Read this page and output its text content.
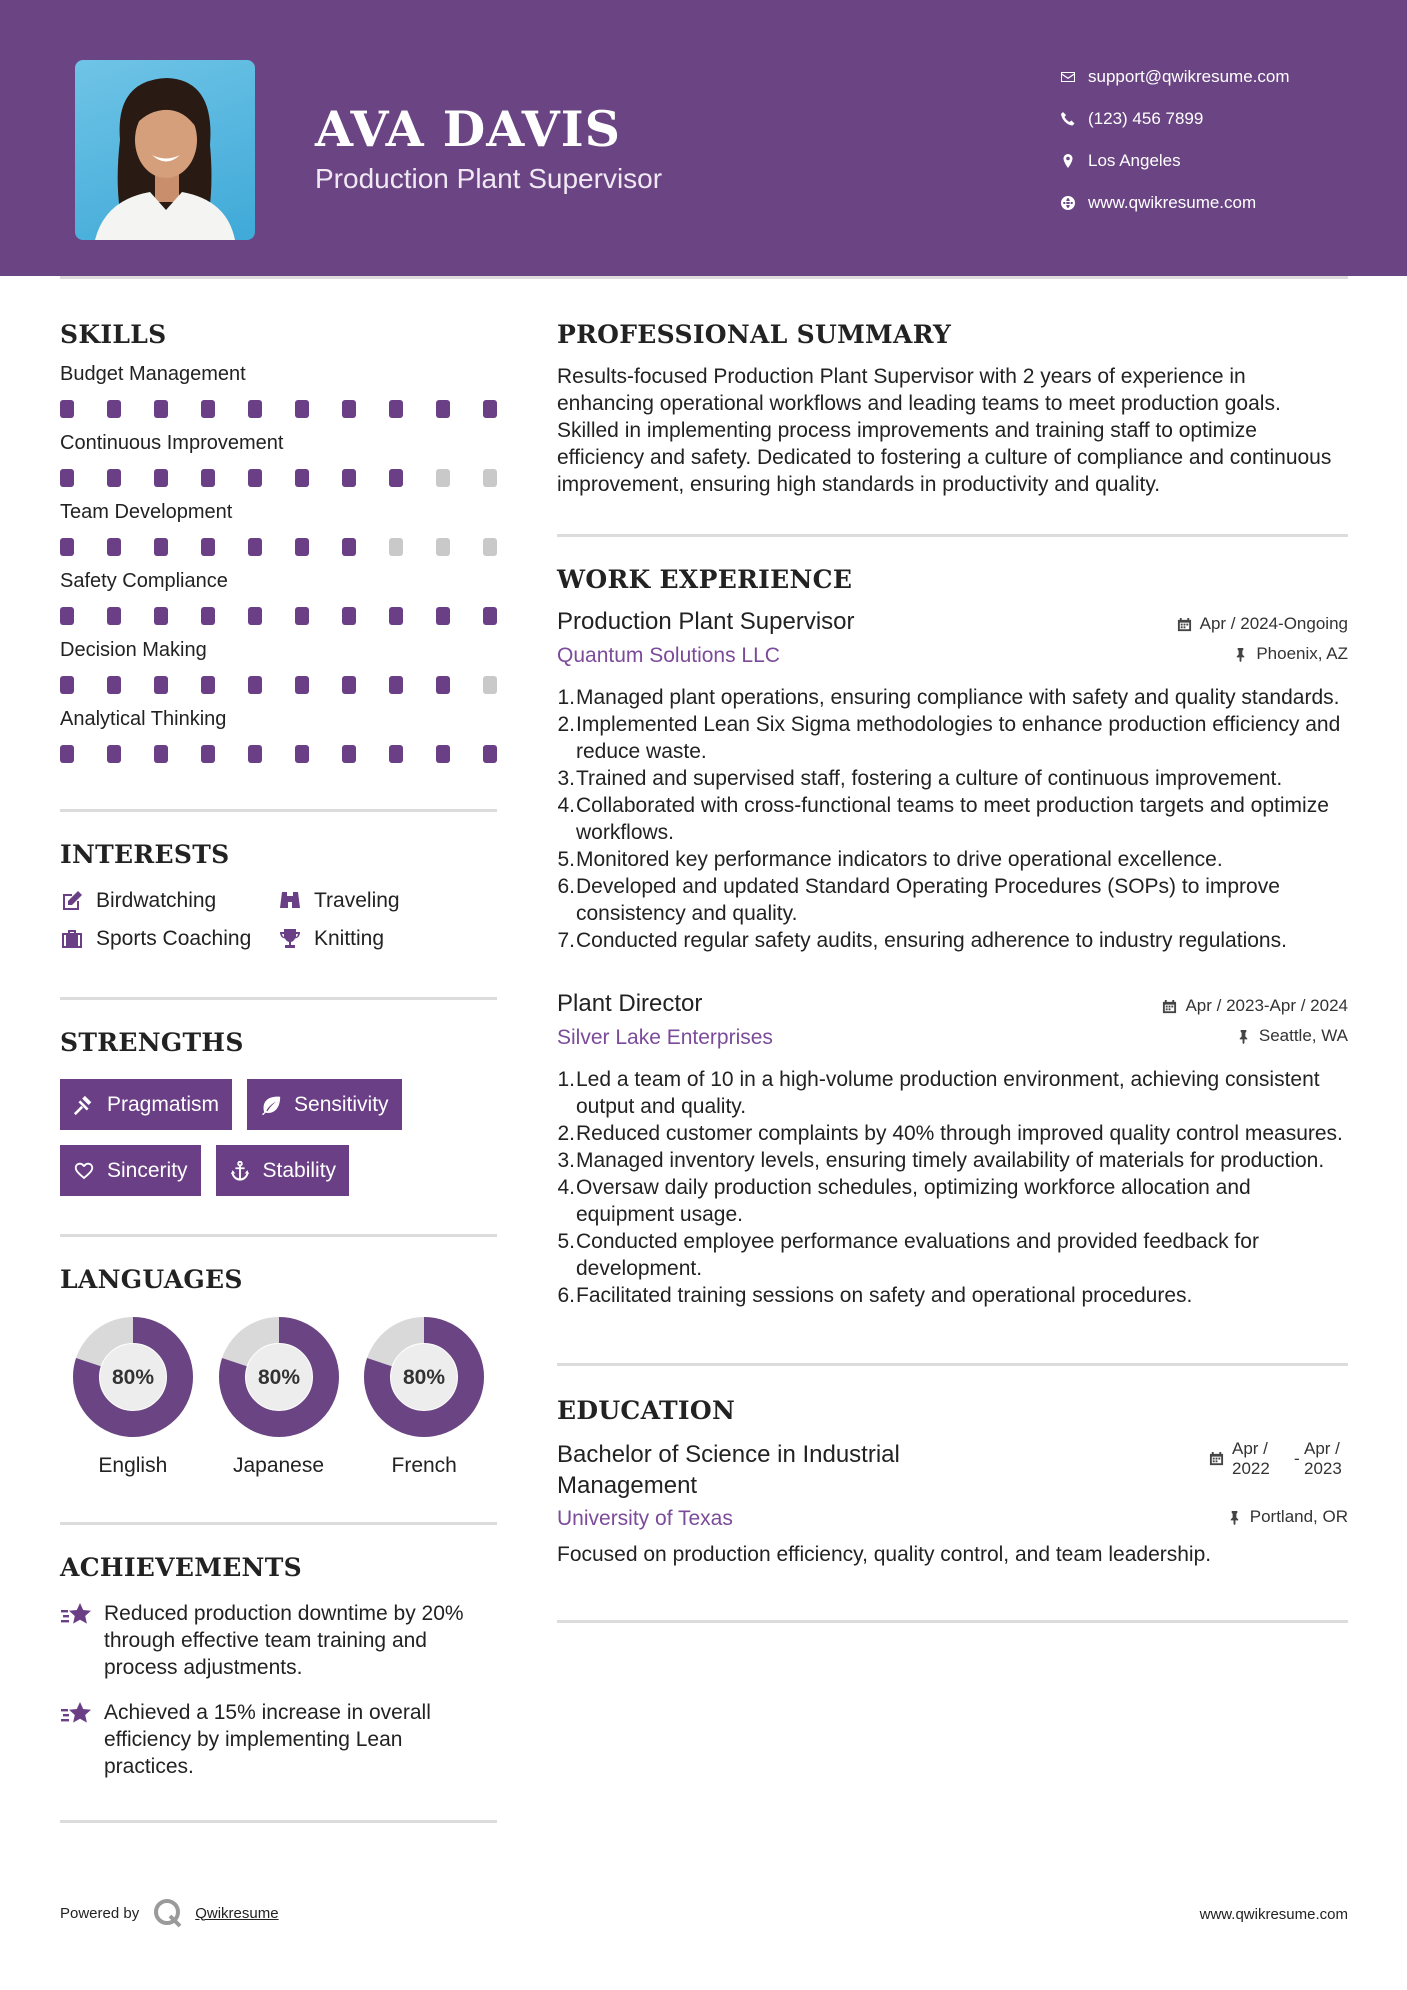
AVA DAVIS
Production Plant Supervisor
support@qwikresume.com
(123) 456 7899
Los Angeles
www.qwikresume.com
SKILLS
Budget Management
Continuous Improvement
Team Development
Safety Compliance
Decision Making
Analytical Thinking
INTERESTS
Birdwatching	Traveling
Sports Coaching	Knitting
STRENGTHS
Pragmatism	Sensitivity
Sincerity	Stability
LANGUAGES
80%
English
80%
Japanese
80%
French
ACHIEVEMENTS
Reduced production downtime by 20% through effective team training and process adjustments.
Achieved a 15% increase in overall efficiency by implementing Lean practices.
PROFESSIONAL SUMMARY
Results-focused Production Plant Supervisor with 2 years of experience in enhancing operational workflows and leading teams to meet production goals. Skilled in implementing process improvements and training staff to optimize efficiency and safety. Dedicated to fostering a culture of compliance and continuous improvement, ensuring high standards in productivity and quality.
WORK EXPERIENCE
Production Plant Supervisor	Apr / 2024-Ongoing
Quantum Solutions LLC	Phoenix, AZ
1. Managed plant operations, ensuring compliance with safety and quality standards.
2. Implemented Lean Six Sigma methodologies to enhance production efficiency and reduce waste.
3. Trained and supervised staff, fostering a culture of continuous improvement.
4. Collaborated with cross-functional teams to meet production targets and optimize workflows.
5. Monitored key performance indicators to drive operational excellence.
6. Developed and updated Standard Operating Procedures (SOPs) to improve consistency and quality.
7. Conducted regular safety audits, ensuring adherence to industry regulations.
Plant Director	Apr / 2023-Apr / 2024
Silver Lake Enterprises	Seattle, WA
1. Led a team of 10 in a high-volume production environment, achieving consistent output and quality.
2. Reduced customer complaints by 40% through improved quality control measures.
3. Managed inventory levels, ensuring timely availability of materials for production.
4. Oversaw daily production schedules, optimizing workforce allocation and equipment usage.
5. Conducted employee performance evaluations and provided feedback for development.
6. Facilitated training sessions on safety and operational procedures.
EDUCATION
Bachelor of Science in Industrial Management
Apr / 2022
-
Apr / 2023
University of Texas	Portland, OR
Focused on production efficiency, quality control, and team leadership.
Powered by	Qwikresume	www.qwikresume.com
